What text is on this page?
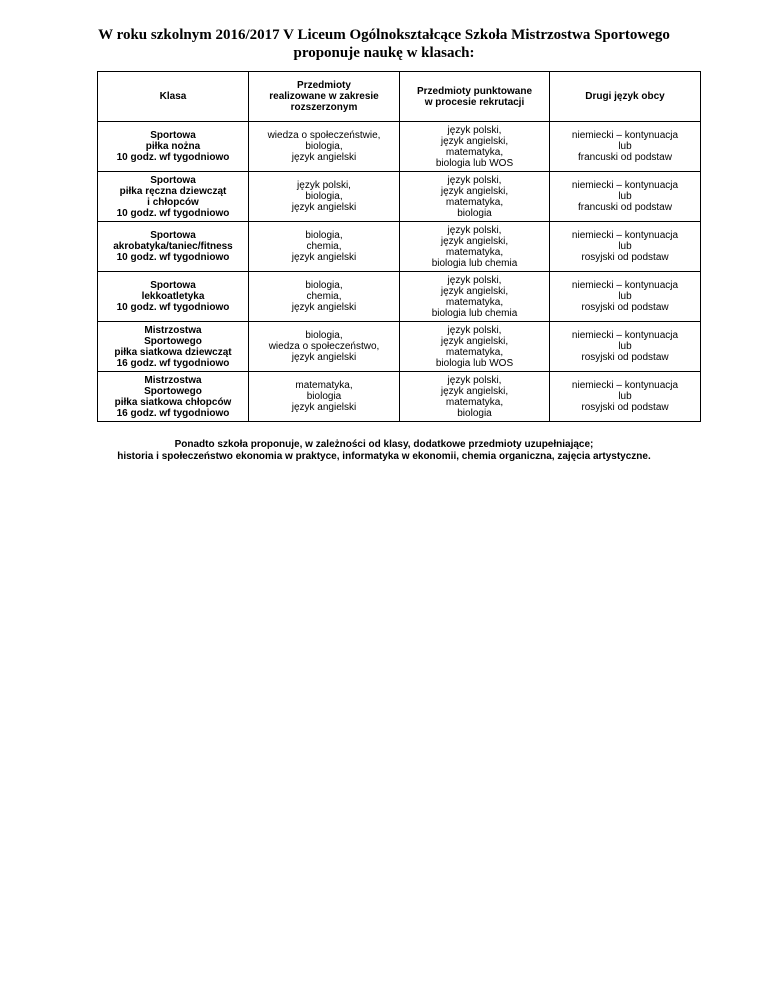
W roku szkolnym 2016/2017 V Liceum Ogólnokształcące Szkoła Mistrzostwa Sportowego
proponuje naukę w klasach:
Klasa	Przedmioty
realizowane w zakresie
rozszerzonym	Przedmioty punktowane
w procesie rekrutacji	Drugi język obcy

Sportowa
piłka nożna
10 godz. wf tygodniowo	wiedza o społeczeństwie,
biologia,
język angielski	język polski,
język angielski,
matematyka,
biologia lub WOS	niemiecki – kontynuacja
lub
francuski od podstaw

Sportowa
piłka ręczna dziewcząt
i chłopców
10 godz. wf tygodniowo	język polski,
biologia,
język angielski	język polski,
język angielski,
matematyka,
biologia	niemiecki – kontynuacja
lub
francuski od podstaw

Sportowa
akrobatyka/taniec/fitness
10 godz. wf tygodniowo	biologia,
chemia,
język angielski	język polski,
język angielski,
matematyka,
biologia lub chemia	niemiecki – kontynuacja
lub
rosyjski od podstaw

Sportowa
lekkoatletyka
10 godz. wf tygodniowo	biologia,
chemia,
język angielski	język polski,
język angielski,
matematyka,
biologia lub chemia	niemiecki – kontynuacja
lub
rosyjski od podstaw

Mistrzostwa
Sportowego
piłka siatkowa dziewcząt
16 godz. wf tygodniowo	biologia,
wiedza o społeczeństwo,
język angielski	język polski,
język angielski,
matematyka,
biologia lub WOS	niemiecki – kontynuacja
lub
rosyjski od podstaw

Mistrzostwa
Sportowego
piłka siatkowa chłopców
16 godz. wf tygodniowo	matematyka,
biologia
język angielski	język polski,
język angielski,
matematyka,
biologia	niemiecki – kontynuacja
lub
rosyjski od podstaw
Ponadto szkoła proponuje, w zależności od klasy, dodatkowe przedmioty uzupełniające;
historia i społeczeństwo ekonomia w praktyce, informatyka w ekonomii, chemia organiczna, zajęcia artystyczne.
